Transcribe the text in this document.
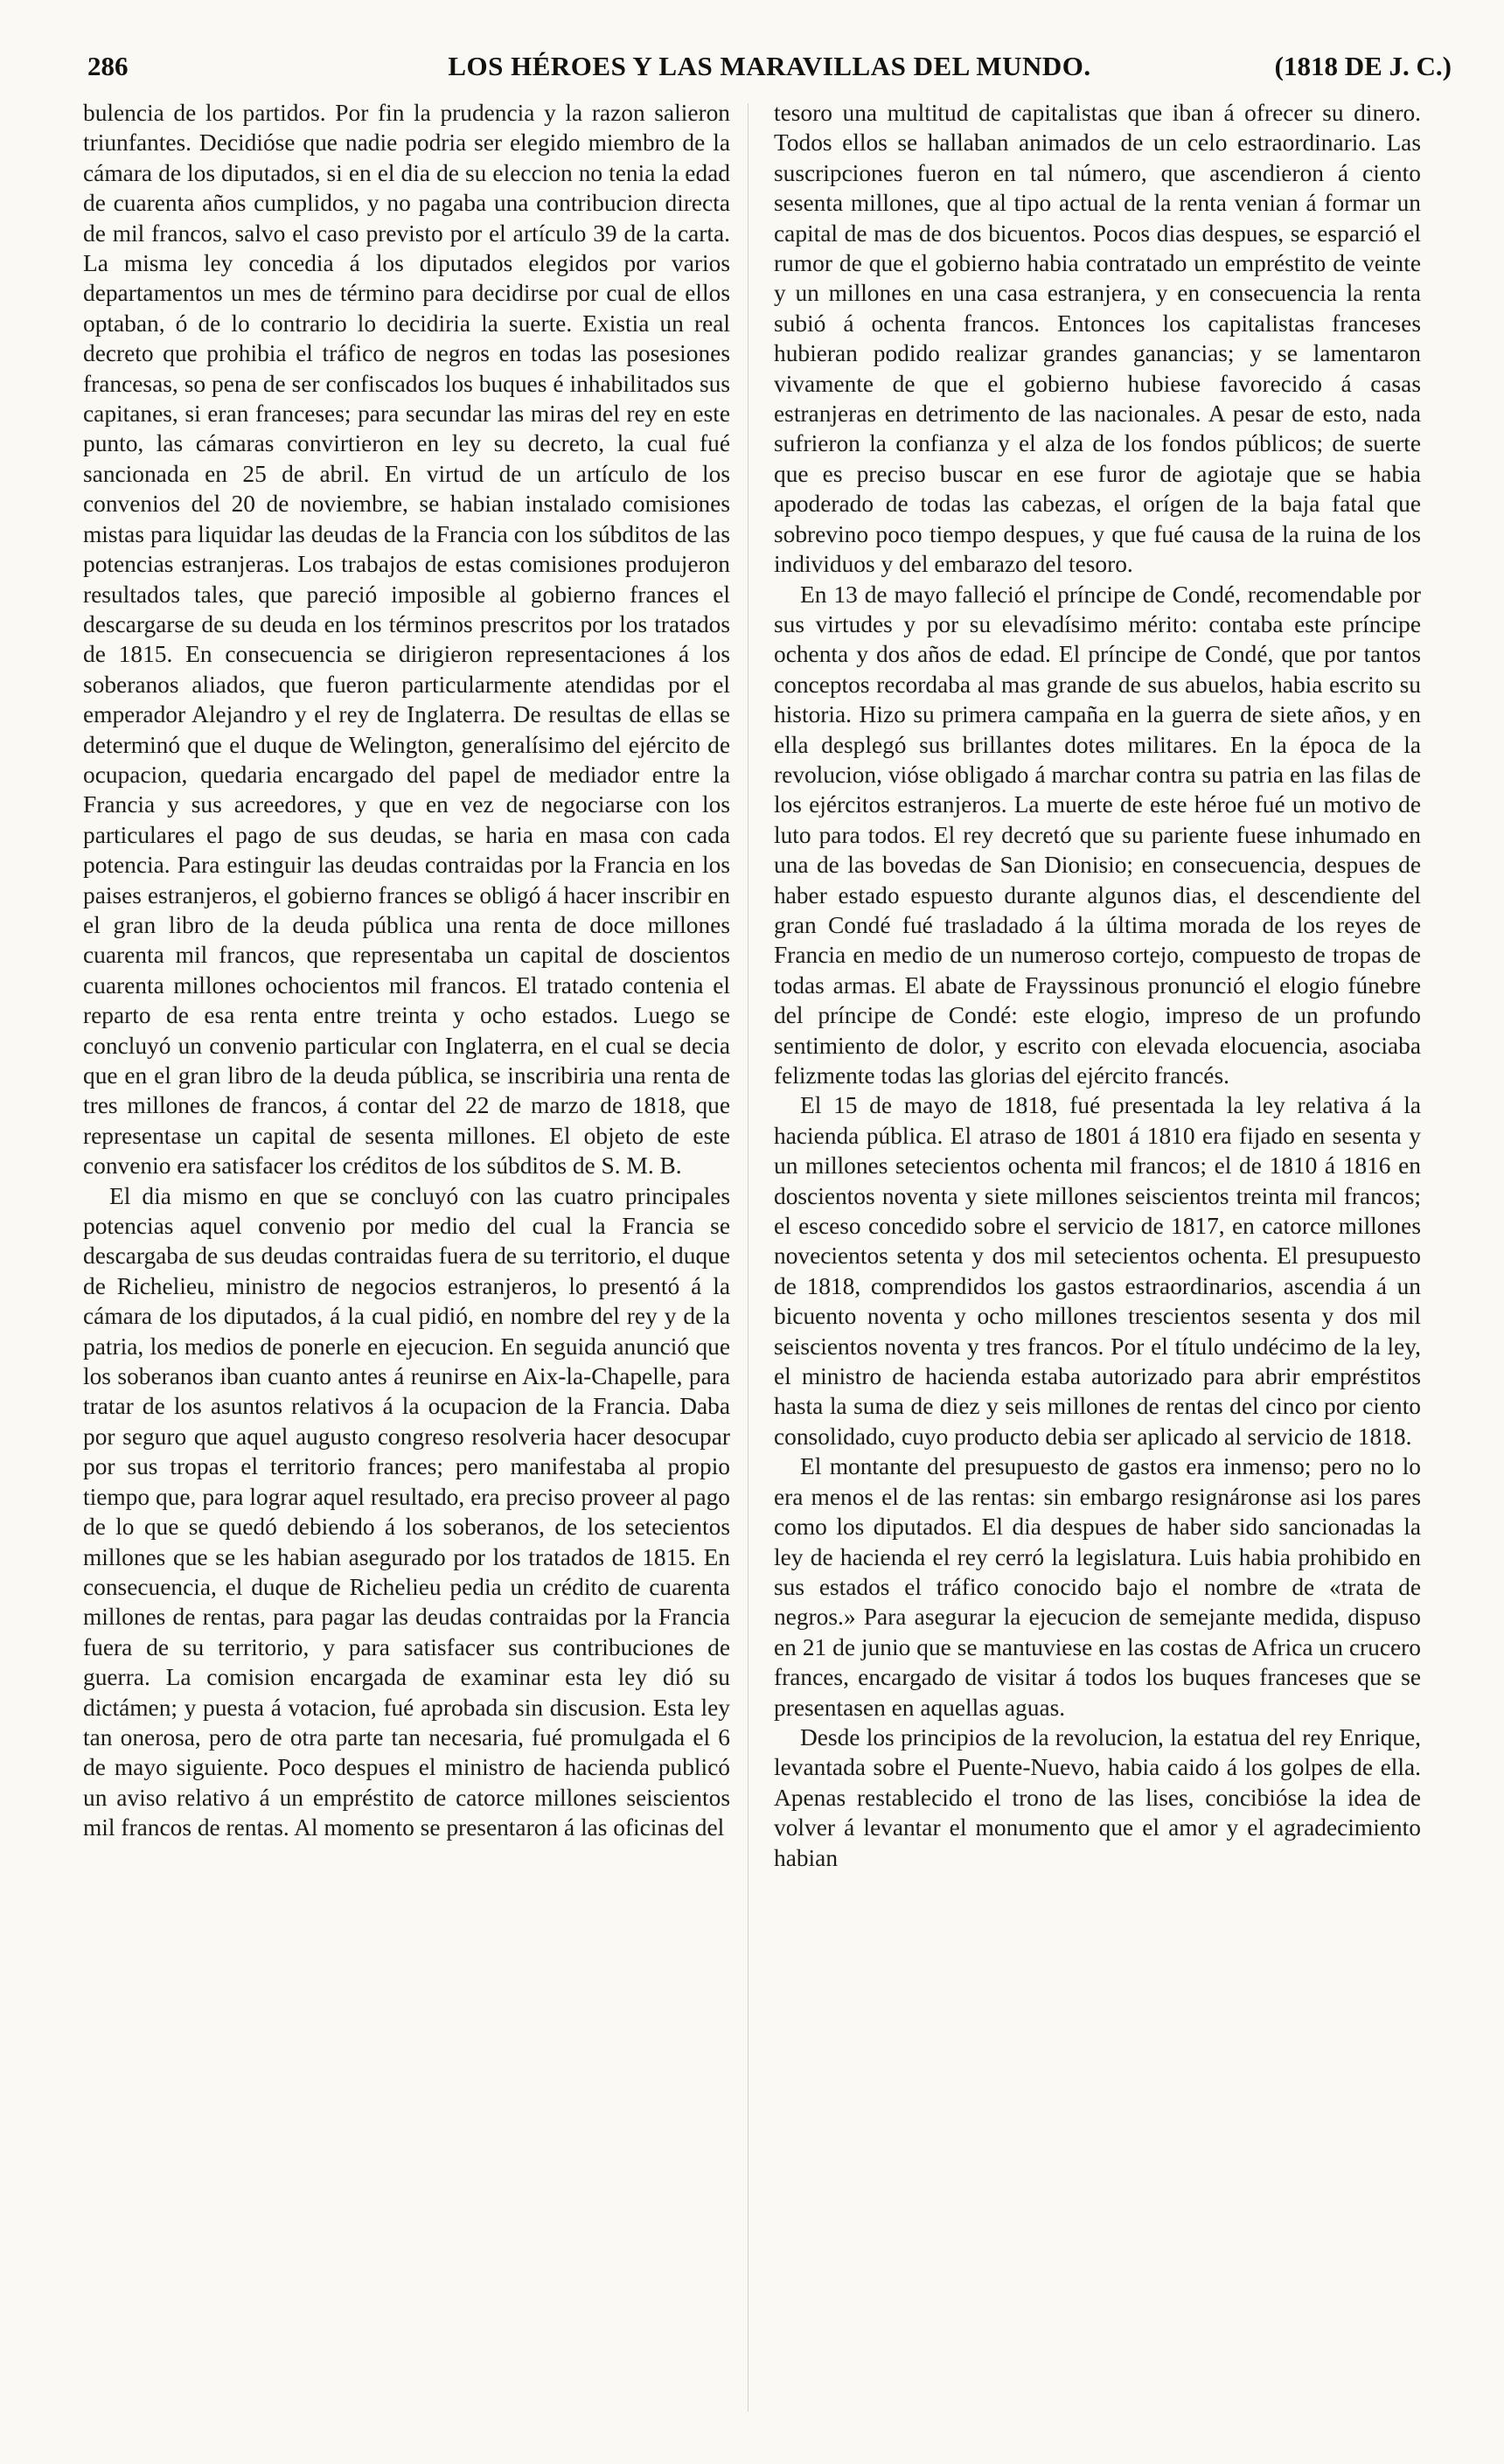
286	LOS HÉROES Y LAS MARAVILLAS DEL MUNDO.	(1818 DE J. C.)

bulencia de los partidos. Por fin la prudencia y la razon salieron triunfantes. Decidióse que nadie podria ser elegido miembro de la cámara de los diputados, si en el dia de su eleccion no tenia la edad de cuarenta años cumplidos, y no pagaba una contribucion directa de mil francos, salvo el caso previsto por el artículo 39 de la carta. La misma ley concedia á los diputados elegidos por varios departamentos un mes de término para decidirse por cual de ellos optaban, ó de lo contrario lo decidiria la suerte. Existia un real decreto que prohibia el tráfico de negros en todas las posesiones francesas, so pena de ser confiscados los buques é inhabilitados sus capitanes, si eran franceses; para secundar las miras del rey en este punto, las cámaras convirtieron en ley su decreto, la cual fué sancionada en 25 de abril. En virtud de un artículo de los convenios del 20 de noviembre, se habian instalado comisiones mistas para liquidar las deudas de la Francia con los súbditos de las potencias estranjeras. Los trabajos de estas comisiones produjeron resultados tales, que pareció imposible al gobierno frances el descargarse de su deuda en los términos prescritos por los tratados de 1815. En consecuencia se dirigieron representaciones á los soberanos aliados, que fueron particularmente atendidas por el emperador Alejandro y el rey de Inglaterra. De resultas de ellas se determinó que el duque de Welington, generalísimo del ejército de ocupacion, quedaria encargado del papel de mediador entre la Francia y sus acreedores, y que en vez de negociarse con los particulares el pago de sus deudas, se haria en masa con cada potencia. Para estinguir las deudas contraidas por la Francia en los paises estranjeros, el gobierno frances se obligó á hacer inscribir en el gran libro de la deuda pública una renta de doce millones cuarenta mil francos, que representaba un capital de doscientos cuarenta millones ochocientos mil francos. El tratado contenia el reparto de esa renta entre treinta y ocho estados. Luego se concluyó un convenio particular con Inglaterra, en el cual se decia que en el gran libro de la deuda pública, se inscribiria una renta de tres millones de francos, á contar del 22 de marzo de 1818, que representase un capital de sesenta millones. El objeto de este convenio era satisfacer los créditos de los súbditos de S. M. B.

El dia mismo en que se concluyó con las cuatro principales potencias aquel convenio por medio del cual la Francia se descargaba de sus deudas contraidas fuera de su territorio, el duque de Richelieu, ministro de negocios estranjeros, lo presentó á la cámara de los diputados, á la cual pidió, en nombre del rey y de la patria, los medios de ponerle en ejecucion. En seguida anunció que los soberanos iban cuanto antes á reunirse en Aix-la-Chapelle, para tratar de los asuntos relativos á la ocupacion de la Francia. Daba por seguro que aquel augusto congreso resolveria hacer desocupar por sus tropas el territorio frances; pero manifestaba al propio tiempo que, para lograr aquel resultado, era preciso proveer al pago de lo que se quedó debiendo á los soberanos, de los setecientos millones que se les habian asegurado por los tratados de 1815. En consecuencia, el duque de Richelieu pedia un crédito de cuarenta millones de rentas, para pagar las deudas contraidas por la Francia fuera de su territorio, y para satisfacer sus contribuciones de guerra. La comision encargada de examinar esta ley dió su dictámen; y puesta á votacion, fué aprobada sin discusion. Esta ley tan onerosa, pero de otra parte tan necesaria, fué promulgada el 6 de mayo siguiente. Poco despues el ministro de hacienda publicó un aviso relativo á un empréstito de catorce millones seiscientos mil francos de rentas. Al momento se presentaron á las oficinas del

tesoro una multitud de capitalistas que iban á ofrecer su dinero. Todos ellos se hallaban animados de un celo estraordinario. Las suscripciones fueron en tal número, que ascendieron á ciento sesenta millones, que al tipo actual de la renta venian á formar un capital de mas de dos bicuentos. Pocos dias despues, se esparció el rumor de que el gobierno habia contratado un empréstito de veinte y un millones en una casa estranjera, y en consecuencia la renta subió á ochenta francos. Entonces los capitalistas franceses hubieran podido realizar grandes ganancias; y se lamentaron vivamente de que el gobierno hubiese favorecido á casas estranjeras en detrimento de las nacionales. A pesar de esto, nada sufrieron la confianza y el alza de los fondos públicos; de suerte que es preciso buscar en ese furor de agiotaje que se habia apoderado de todas las cabezas, el orígen de la baja fatal que sobrevino poco tiempo despues, y que fué causa de la ruina de los individuos y del embarazo del tesoro.

En 13 de mayo falleció el príncipe de Condé, recomendable por sus virtudes y por su elevadísimo mérito: contaba este príncipe ochenta y dos años de edad. El príncipe de Condé, que por tantos conceptos recordaba al mas grande de sus abuelos, habia escrito su historia. Hizo su primera campaña en la guerra de siete años, y en ella desplegó sus brillantes dotes militares. En la época de la revolucion, vióse obligado á marchar contra su patria en las filas de los ejércitos estranjeros. La muerte de este héroe fué un motivo de luto para todos. El rey decretó que su pariente fuese inhumado en una de las bovedas de San Dionisio; en consecuencia, despues de haber estado espuesto durante algunos dias, el descendiente del gran Condé fué trasladado á la última morada de los reyes de Francia en medio de un numeroso cortejo, compuesto de tropas de todas armas. El abate de Frayssinous pronunció el elogio fúnebre del príncipe de Condé: este elogio, impreso de un profundo sentimiento de dolor, y escrito con elevada elocuencia, asociaba felizmente todas las glorias del ejército francés.

El 15 de mayo de 1818, fué presentada la ley relativa á la hacienda pública. El atraso de 1801 á 1810 era fijado en sesenta y un millones setecientos ochenta mil francos; el de 1810 á 1816 en doscientos noventa y siete millones seiscientos treinta mil francos; el esceso concedido sobre el servicio de 1817, en catorce millones novecientos setenta y dos mil setecientos ochenta. El presupuesto de 1818, comprendidos los gastos estraordinarios, ascendia á un bicuento noventa y ocho millones trescientos sesenta y dos mil seiscientos noventa y tres francos. Por el título undécimo de la ley, el ministro de hacienda estaba autorizado para abrir empréstitos hasta la suma de diez y seis millones de rentas del cinco por ciento consolidado, cuyo producto debia ser aplicado al servicio de 1818.

El montante del presupuesto de gastos era inmenso; pero no lo era menos el de las rentas: sin embargo resignáronse asi los pares como los diputados. El dia despues de haber sido sancionadas la ley de hacienda el rey cerró la legislatura. Luis habia prohibido en sus estados el tráfico conocido bajo el nombre de «trata de negros.» Para asegurar la ejecucion de semejante medida, dispuso en 21 de junio que se mantuviese en las costas de Africa un crucero frances, encargado de visitar á todos los buques franceses que se presentasen en aquellas aguas.

Desde los principios de la revolucion, la estatua del rey Enrique, levantada sobre el Puente-Nuevo, habia caido á los golpes de ella. Apenas restablecido el trono de las lises, concibióse la idea de volver á levantar el monumento que el amor y el agradecimiento habian
